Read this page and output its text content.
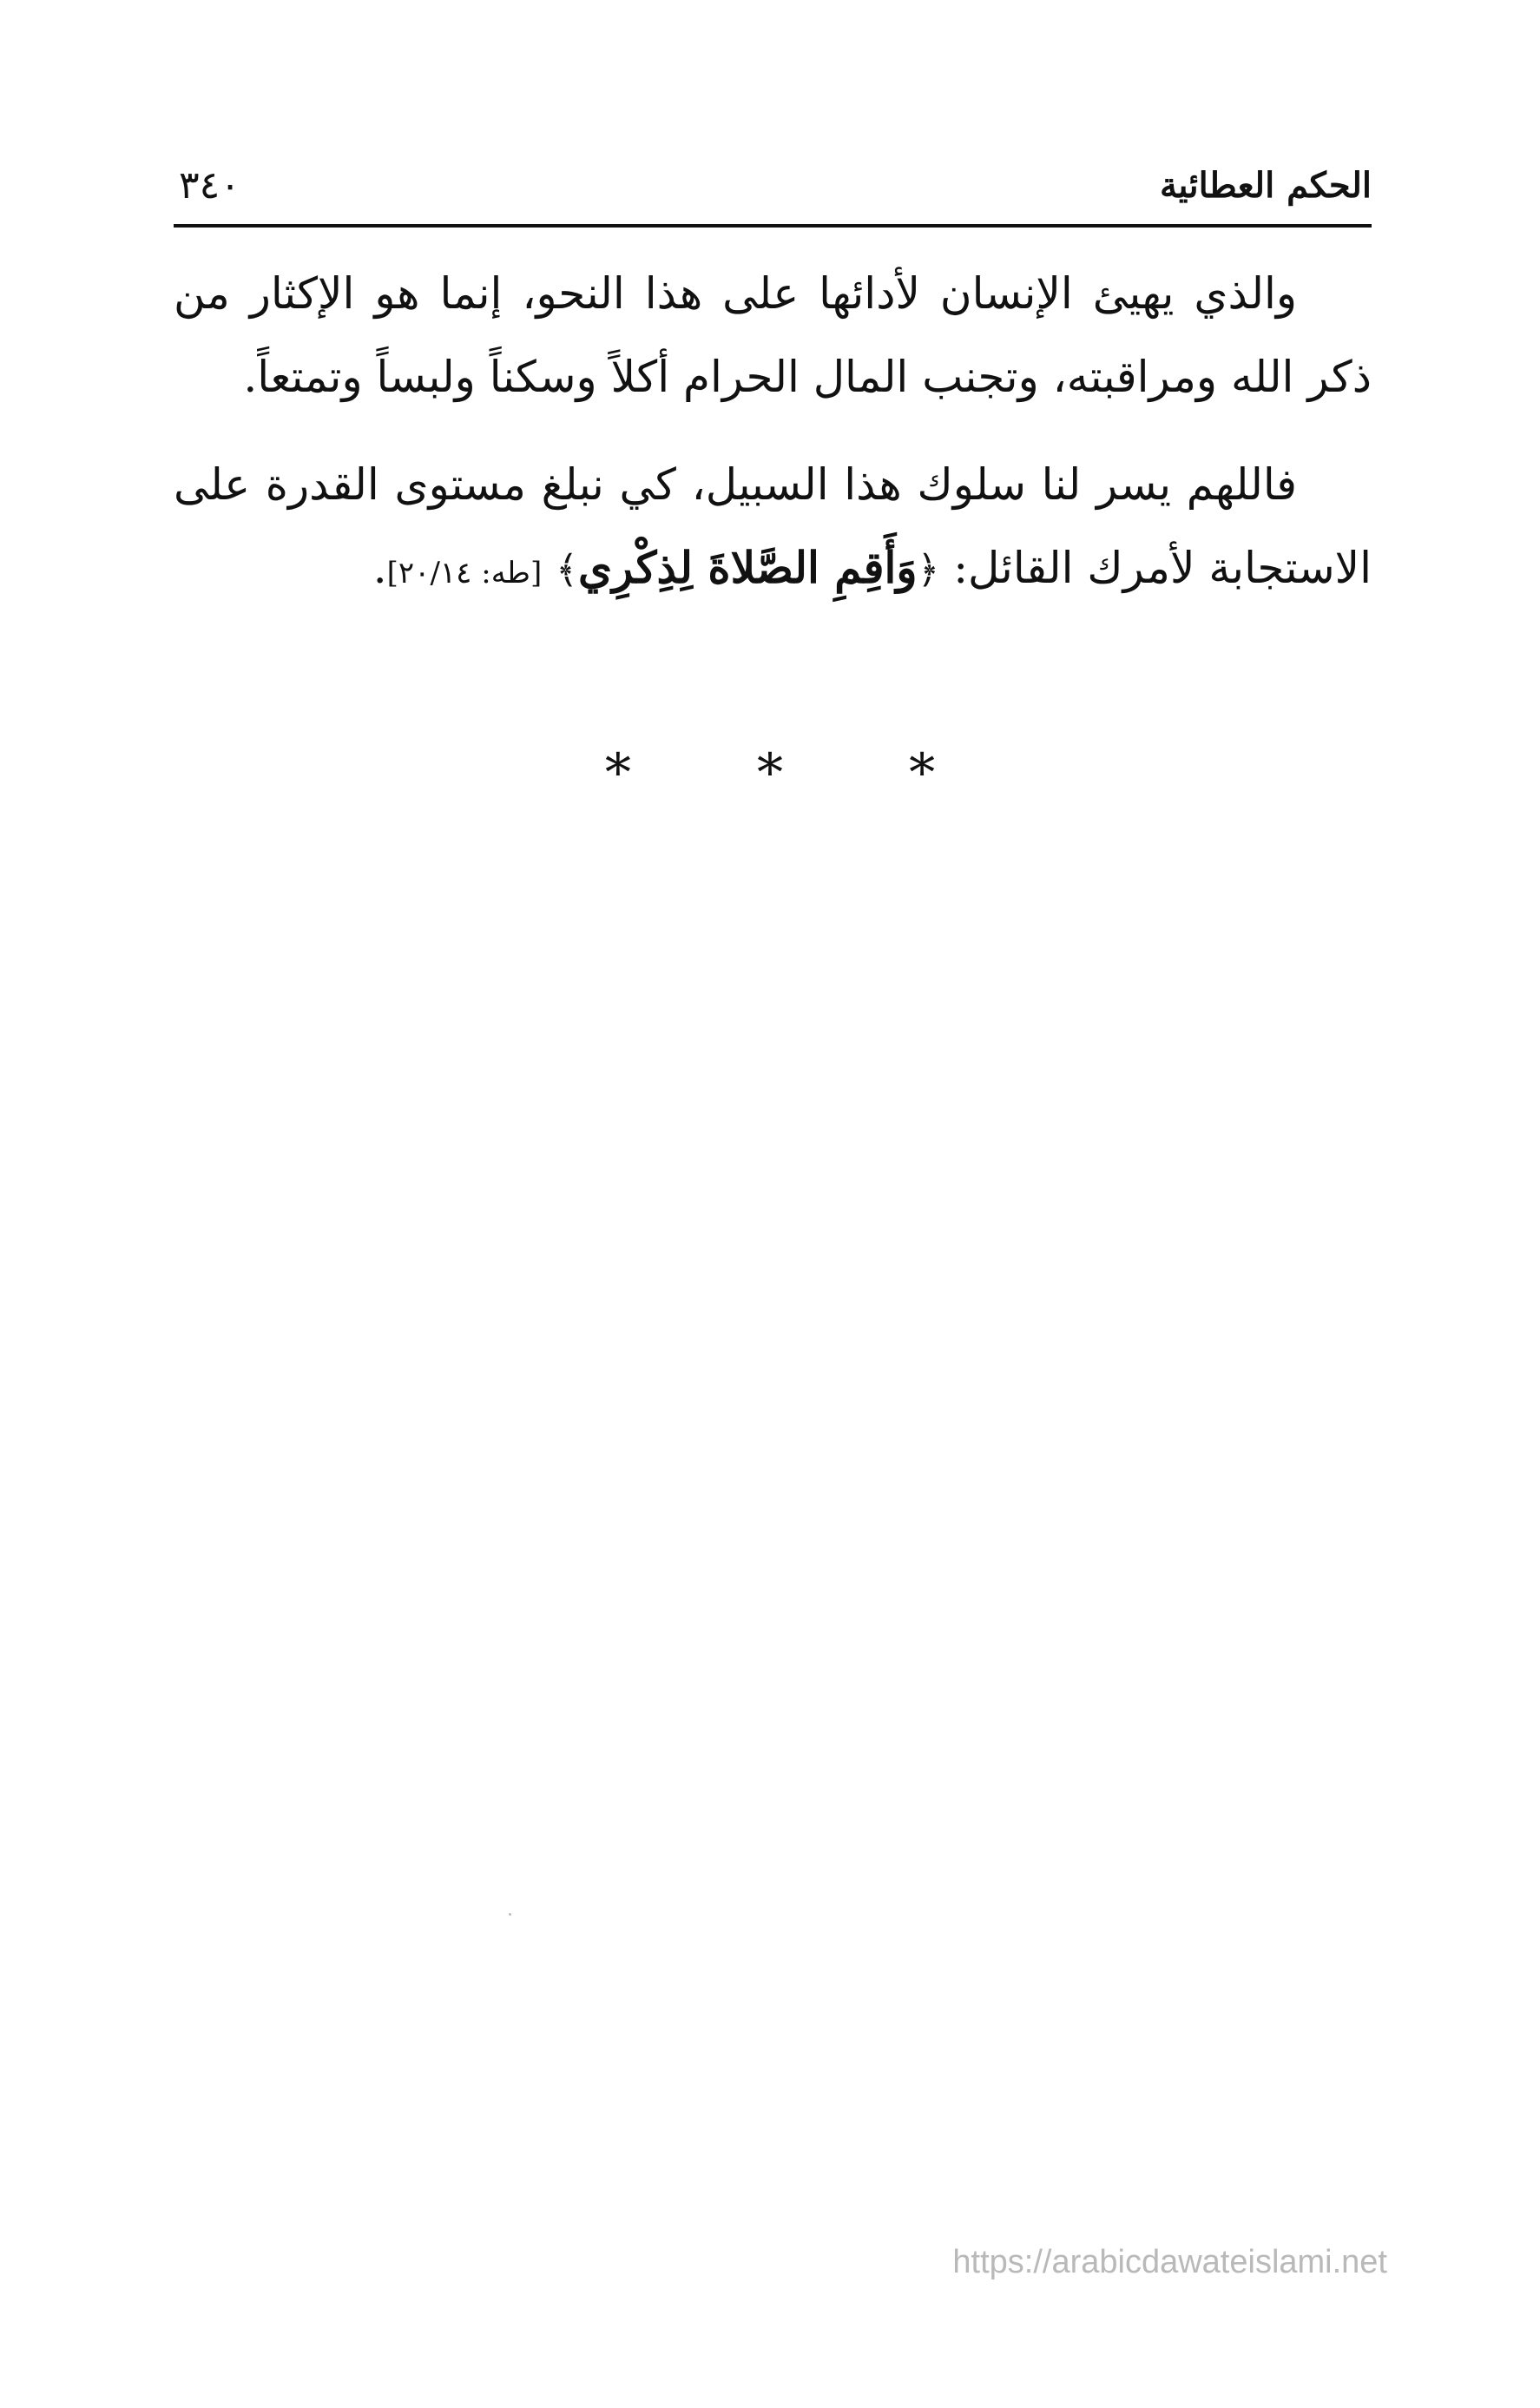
الحكم العطائية
٣٤٠

والذي يهيئ الإنسان لأدائها على هذا النحو، إنما هو الإكثار من ذكر الله ومراقبته، وتجنب المال الحرام أكلاً وسكناً ولبساً وتمتعاً.

فاللهم يسر لنا سلوك هذا السبيل، كي نبلغ مستوى القدرة على الاستجابة لأمرك القائل: ﴿وَأَقِمِ الصَّلاةَ لِذِكْرِي﴾ [طه: ٢٠/١٤].

* * *
https://arabicdawateislami.net
